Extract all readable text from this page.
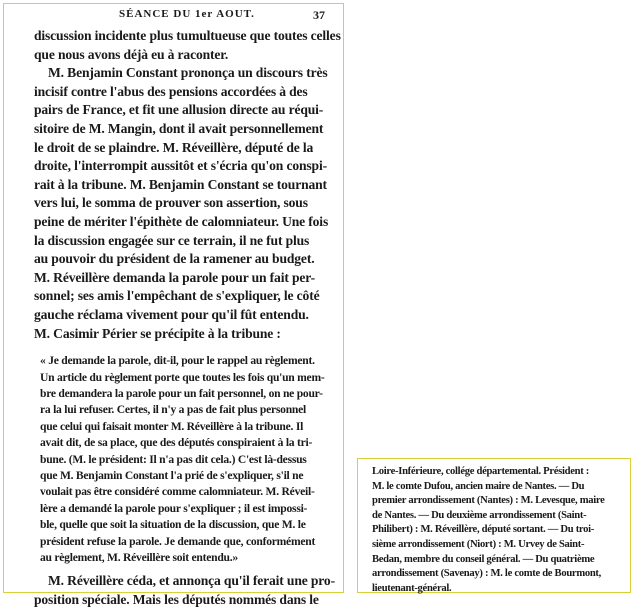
SÉANCE DU 1er AOUT.	37
discussion incidente plus tumultueuse que toutes celles
que nous avons déjà eu à raconter.
M. Benjamin Constant prononça un discours très
incisif contre l'abus des pensions accordées à des
pairs de France, et fit une allusion directe au réqui-
sitoire de M. Mangin, dont il avait personnellement
le droit de se plaindre. M. Réveillère, député de la
droite, l'interrompit aussitôt et s'écria qu'on conspi-
rait à la tribune. M. Benjamin Constant se tournant
vers lui, le somma de prouver son assertion, sous
peine de mériter l'épithète de calomniateur. Une fois
la discussion engagée sur ce terrain, il ne fut plus
au pouvoir du président de la ramener au budget.
M. Réveillère demanda la parole pour un fait per-
sonnel; ses amis l'empêchant de s'expliquer, le côté
gauche réclama vivement pour qu'il fût entendu.
M. Casimir Périer se précipite à la tribune :
« Je demande la parole, dit-il, pour le rappel au règlement.
Un article du règlement porte que toutes les fois qu'un mem-
bre demandera la parole pour un fait personnel, on ne pour-
ra la lui refuser. Certes, il n'y a pas de fait plus personnel
que celui qui faisait monter M. Réveillère à la tribune. Il
avait dit, de sa place, que des députés conspiraient à la tri-
bune. (M. le président: Il n'a pas dit cela.) C'est là-dessus
que M. Benjamin Constant l'a prié de s'expliquer, s'il ne
voulait pas être considéré comme calomniateur. M. Réveil-
lère a demandé la parole pour s'expliquer ; il est impossi-
ble, quelle que soit la situation de la discussion, que M. le
président refuse la parole. Je demande que, conformément
au règlement, M. Réveillère soit entendu.»
M. Réveillère céda, et annonça qu'il ferait une pro-
position spéciale. Mais les députés nommés dans le
Loire-Inférieure, collége départemental. Président :
M. le comte Dufou, ancien maire de Nantes. — Du
premier arrondissement (Nantes) : M. Levesque, maire
de Nantes. — Du deuxième arrondissement (Saint-
Philibert) : M. Réveillère, député sortant. — Du troi-
sième arrondissement (Niort) : M. Urvey de Saint-
Bedan, membre du conseil général. — Du quatrième
arrondissement (Savenay) : M. le comte de Bourmont,
lieutenant-général.
